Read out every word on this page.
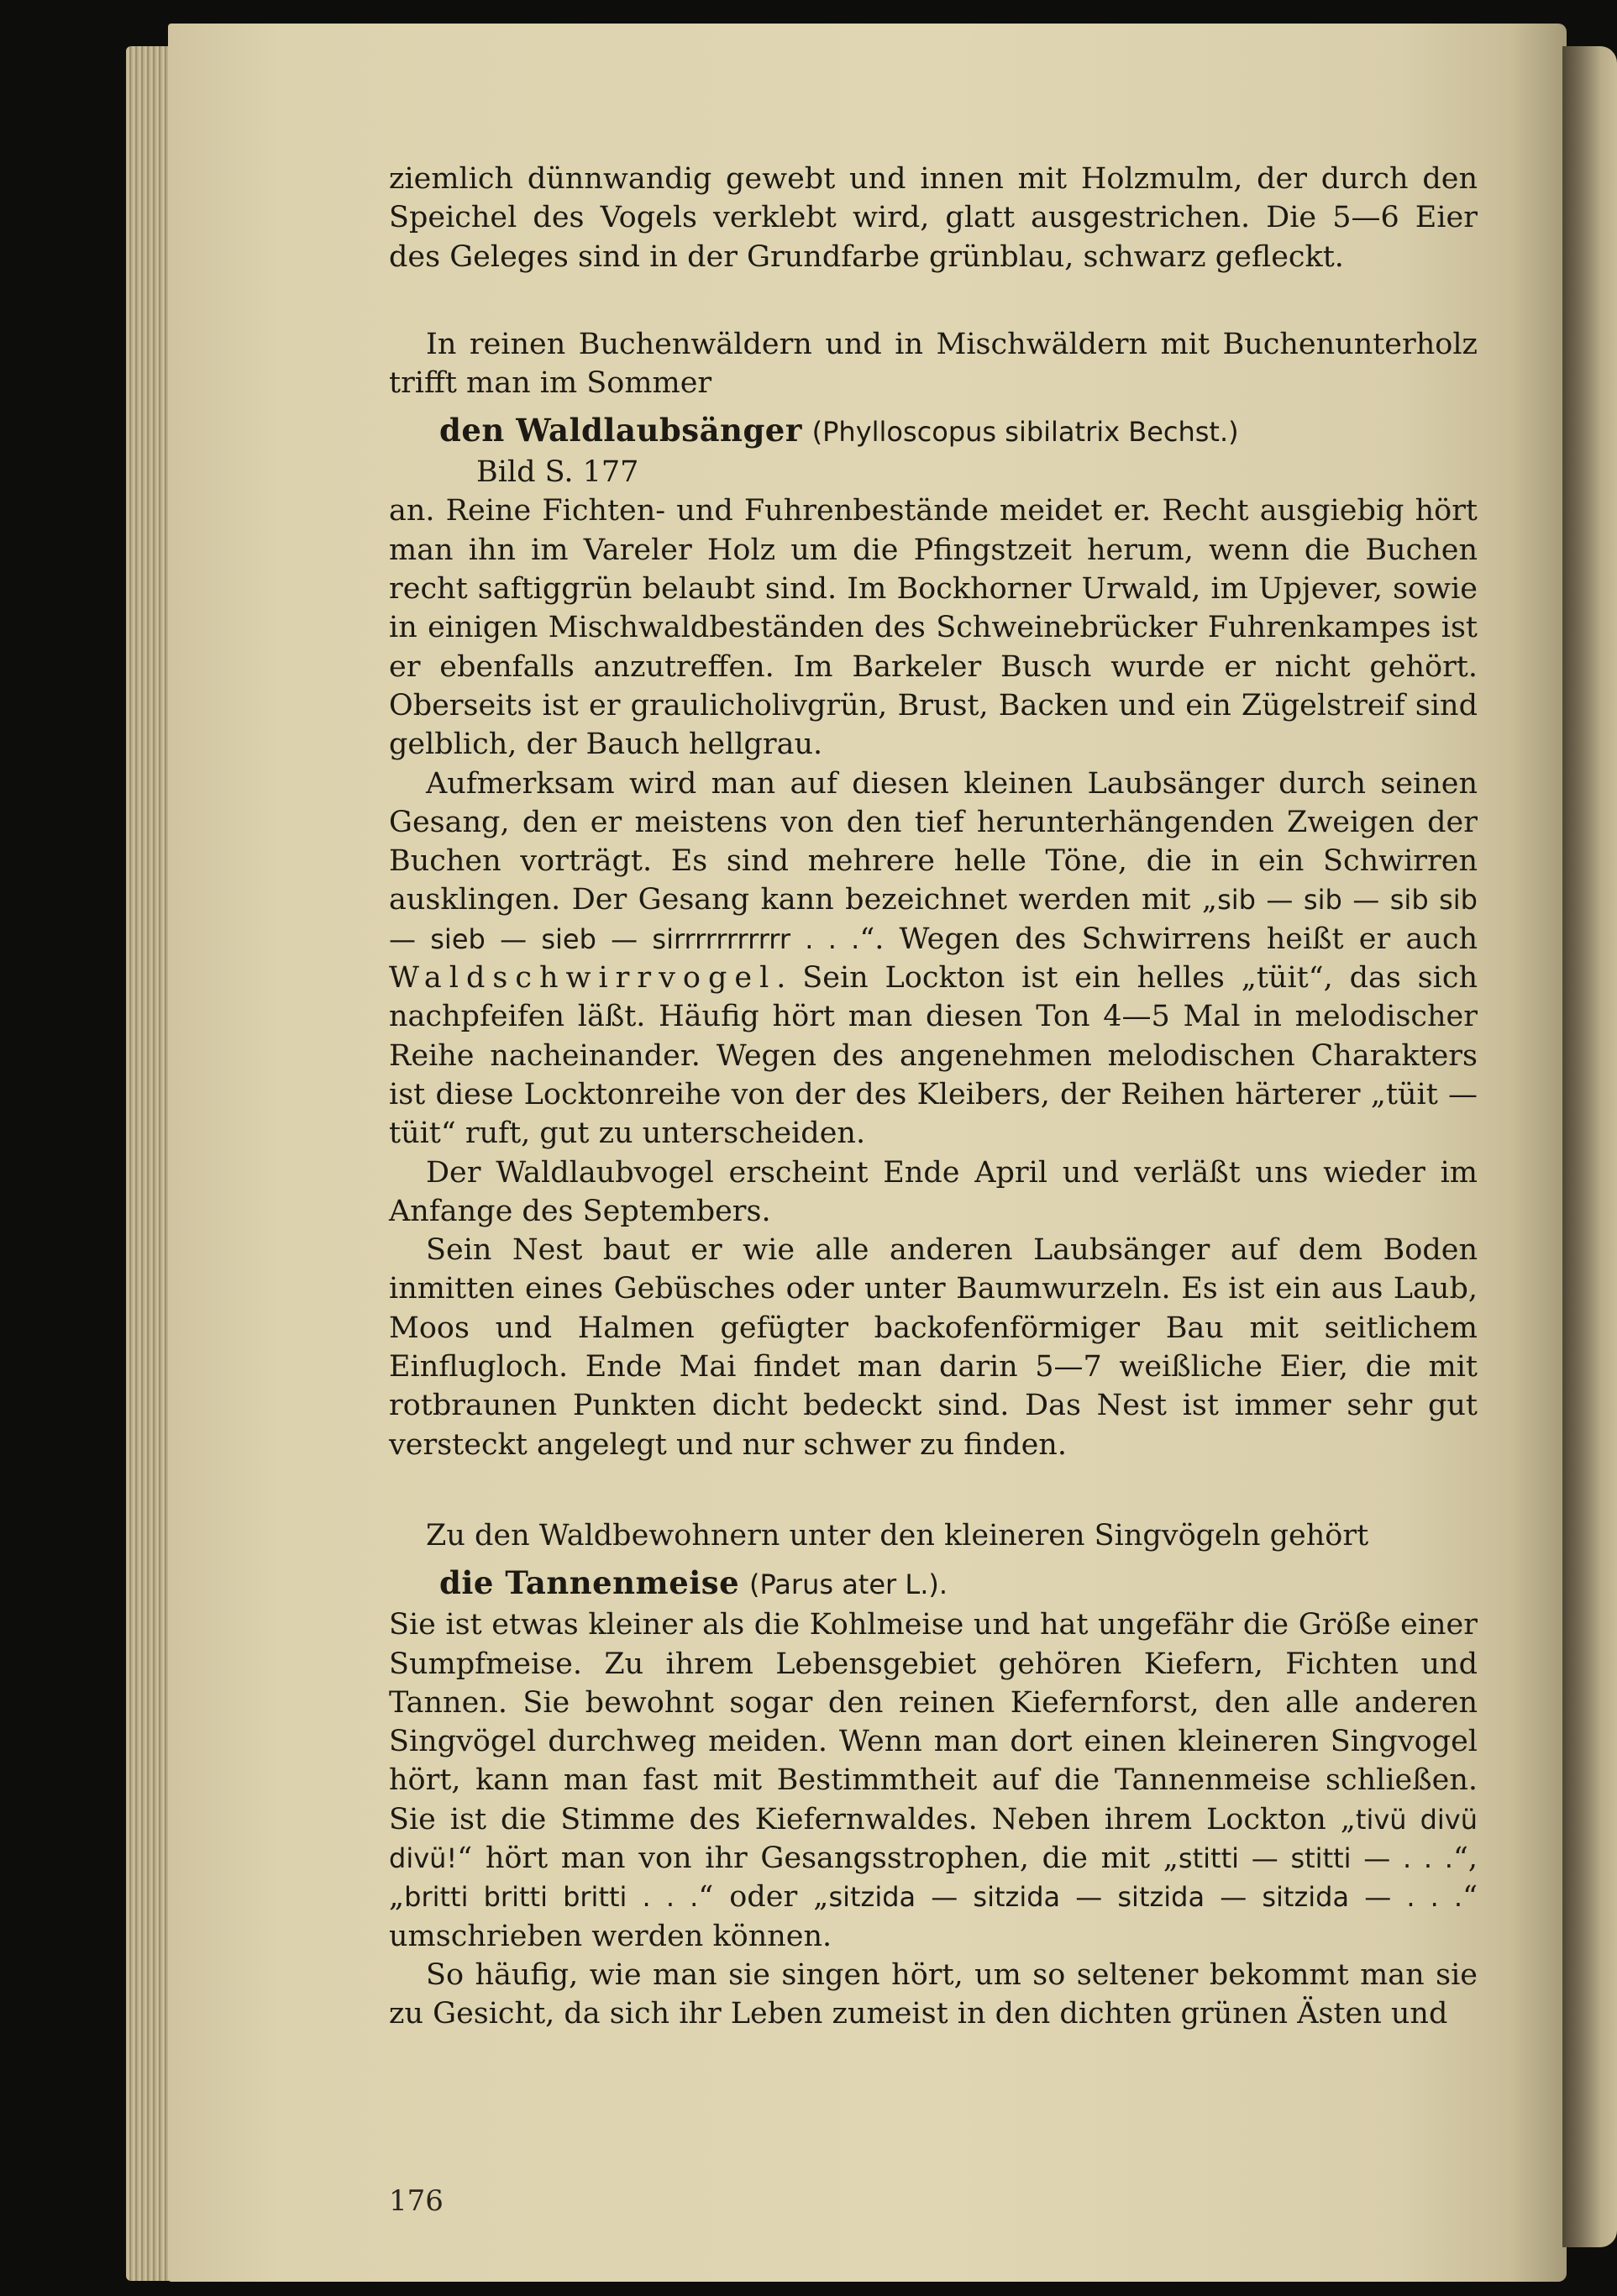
ziemlich dünnwandig gewebt und innen mit Holzmulm, der durch den Speichel des Vogels verklebt wird, glatt ausgestrichen. Die 5—6 Eier des Geleges sind in der Grundfarbe grünblau, schwarz gefleckt.

In reinen Buchenwäldern und in Mischwäldern mit Buchenunterholz trifft man im Sommer

den Waldlaubsänger (Phylloscopus sibilatrix Bechst.)

Bild S. 177

an. Reine Fichten- und Fuhrenbestände meidet er. Recht ausgiebig hört man ihn im Vareler Holz um die Pfingstzeit herum, wenn die Buchen recht saftiggrün belaubt sind. Im Bockhorner Urwald, im Upjever, sowie in einigen Mischwaldbeständen des Schweinebrücker Fuhrenkampes ist er ebenfalls anzutreffen. Im Barkeler Busch wurde er nicht gehört. Oberseits ist er graulicholivgrün, Brust, Backen und ein Zügelstreif sind gelblich, der Bauch hellgrau.

Aufmerksam wird man auf diesen kleinen Laubsänger durch seinen Gesang, den er meistens von den tief herunterhängenden Zweigen der Buchen vorträgt. Es sind mehrere helle Töne, die in ein Schwirren ausklingen. Der Gesang kann bezeichnet werden mit „sib — sib — sib sib — sieb — sieb — sirrrrrrrrrrr . . .“. Wegen des Schwirrens heißt er auch Waldschwirrvogel. Sein Lockton ist ein helles „tüit“, das sich nachpfeifen läßt. Häufig hört man diesen Ton 4—5 Mal in melodischer Reihe nacheinander. Wegen des angenehmen melodischen Charakters ist diese Locktonreihe von der des Kleibers, der Reihen härterer „tüit — tüit“ ruft, gut zu unterscheiden.

Der Waldlaubvogel erscheint Ende April und verläßt uns wieder im Anfange des Septembers.

Sein Nest baut er wie alle anderen Laubsänger auf dem Boden inmitten eines Gebüsches oder unter Baumwurzeln. Es ist ein aus Laub, Moos und Halmen gefügter backofenförmiger Bau mit seitlichem Einflugloch. Ende Mai findet man darin 5—7 weißliche Eier, die mit rotbraunen Punkten dicht bedeckt sind. Das Nest ist immer sehr gut versteckt angelegt und nur schwer zu finden.

Zu den Waldbewohnern unter den kleineren Singvögeln gehört

die Tannenmeise (Parus ater L.).

Sie ist etwas kleiner als die Kohlmeise und hat ungefähr die Größe einer Sumpfmeise. Zu ihrem Lebensgebiet gehören Kiefern, Fichten und Tannen. Sie bewohnt sogar den reinen Kiefernforst, den alle anderen Singvögel durchweg meiden. Wenn man dort einen kleineren Singvogel hört, kann man fast mit Bestimmtheit auf die Tannenmeise schließen. Sie ist die Stimme des Kiefernwaldes. Neben ihrem Lockton „tivü divü divü!“ hört man von ihr Gesangsstrophen, die mit „stitti — stitti — . . .“, „britti britti britti . . .“ oder „sitzida — sitzida — sitzida — sitzida — . . .“ umschrieben werden können.

So häufig, wie man sie singen hört, um so seltener bekommt man sie zu Gesicht, da sich ihr Leben zumeist in den dichten grünen Ästen und

176
